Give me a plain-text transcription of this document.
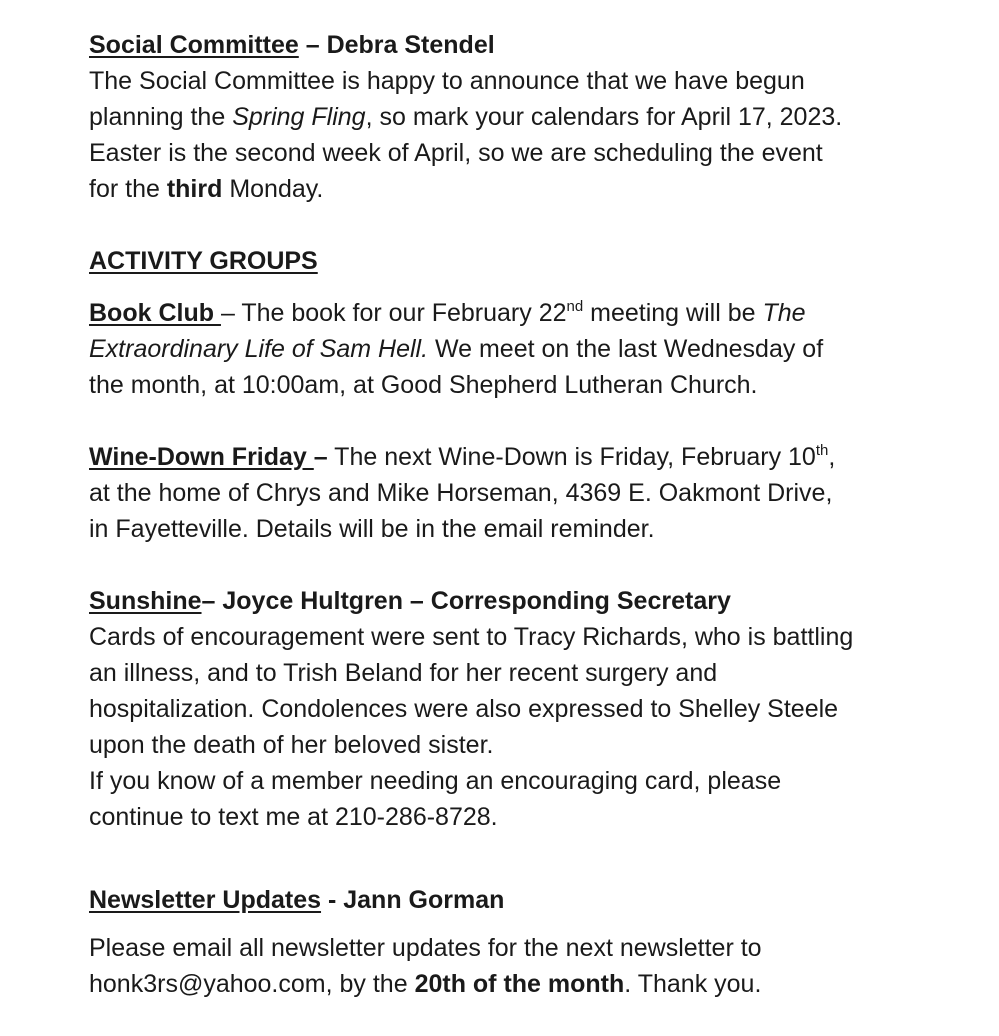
Social Committee – Debra Stendel

The Social Committee is happy to announce that we have begun

planning the Spring Fling, so mark your calendars for April 17, 2023.

Easter is the second week of April, so we are scheduling the event

for the third Monday.

ACTIVITY GROUPS

Book Club – The book for our February 22nd meeting will be The

Extraordinary Life of Sam Hell. We meet on the last Wednesday of

the month, at 10:00am, at Good Shepherd Lutheran Church.

Wine-Down Friday – The next Wine-Down is Friday, February 10th,

at the home of Chrys and Mike Horseman, 4369 E. Oakmont Drive,

in Fayetteville. Details will be in the email reminder.

Sunshine– Joyce Hultgren – Corresponding Secretary

Cards of encouragement were sent to Tracy Richards, who is battling

an illness, and to Trish Beland for her recent surgery and

hospitalization. Condolences were also expressed to Shelley Steele

upon the death of her beloved sister.

If you know of a member needing an encouraging card, please

continue to text me at 210-286-8728.

Newsletter Updates - Jann Gorman

Please email all newsletter updates for the next newsletter to

honk3rs@yahoo.com, by the 20th of the month. Thank you.
